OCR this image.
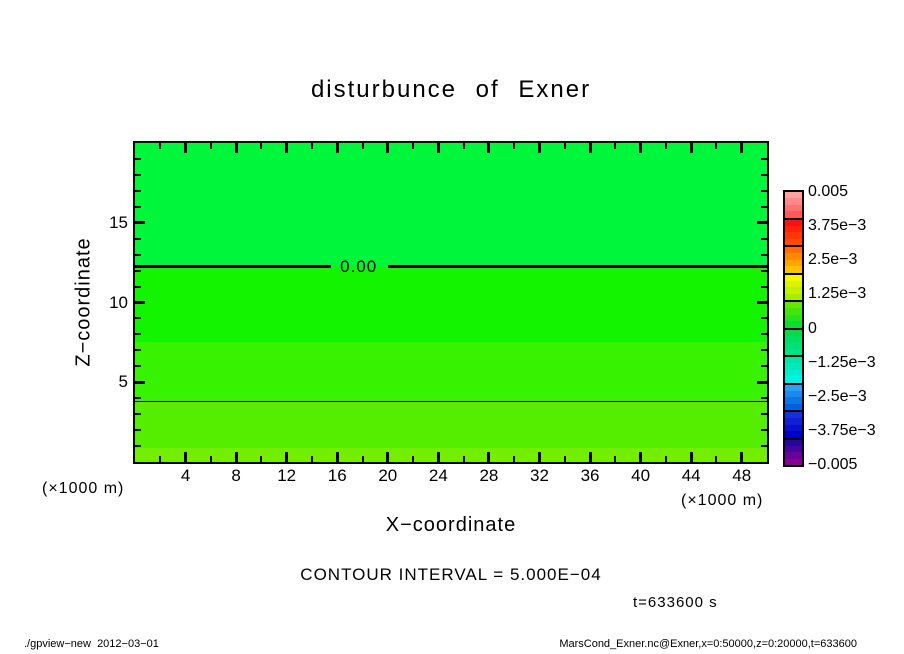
disturbunce of Exner
Z−coordinate	0.00
(×1000 m)
(×1000 m)
X−coordinate
CONTOUR INTERVAL = 5.000E−04
t=633600 s
./gpview−new  2012−03−01	MarsCond_Exner.nc@Exner,x=0:50000,z=0:20000,t=633600
4	8	12	16	20	24	28	32	36	40	44	48
5
10
15
0.005
3.75e−3
2.5e−3
1.25e−3
0
−1.25e−3
−2.5e−3
−3.75e−3
−0.005
